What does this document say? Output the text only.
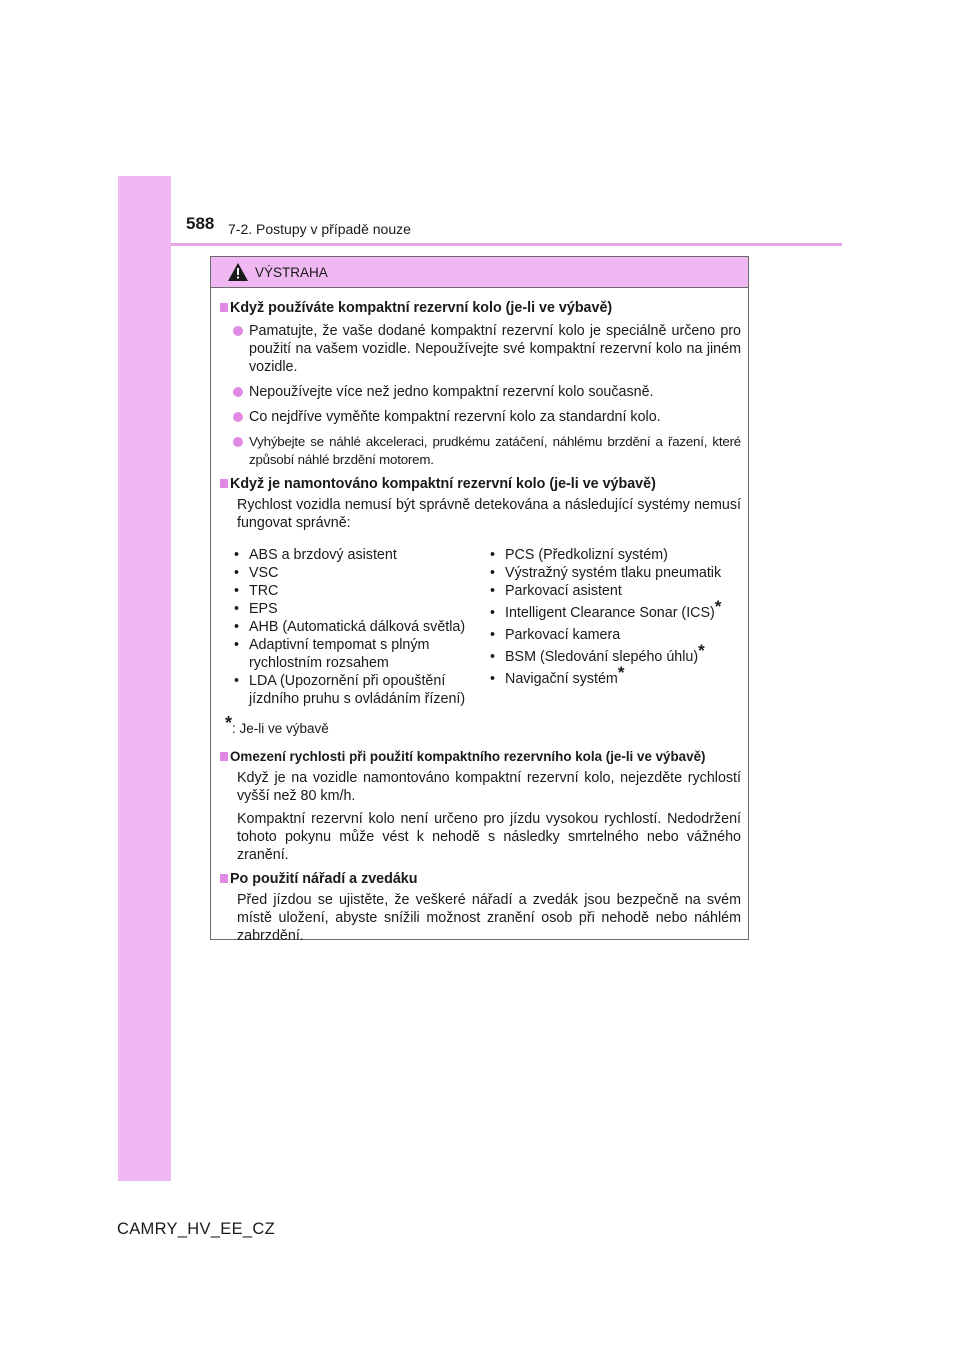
588 7-2. Postupy v případě nouze
VÝSTRAHA
Když používáte kompaktní rezervní kolo (je-li ve výbavě)
Pamatujte, že vaše dodané kompaktní rezervní kolo je speciálně určeno pro použití na vašem vozidle. Nepoužívejte své kompaktní rezervní kolo na jiném vozidle.
Nepoužívejte více než jedno kompaktní rezervní kolo současně.
Co nejdříve vyměňte kompaktní rezervní kolo za standardní kolo.
Vyhýbejte se náhlé akceleraci, prudkému zatáčení, náhlému brzdění a řazení, které způsobí náhlé brzdění motorem.
Když je namontováno kompaktní rezervní kolo (je-li ve výbavě)
Rychlost vozidla nemusí být správně detekována a následující systémy nemusí fungovat správně:
• ABS a brzdový asistent
• VSC
• TRC
• EPS
• AHB (Automatická dálková světla)
• Adaptivní tempomat s plným rychlostním rozsahem
• LDA (Upozornění při opouštění jízdního pruhu s ovládáním řízení)
• PCS (Předkolizní systém)
• Výstražný systém tlaku pneumatik
• Parkovací asistent
• Intelligent Clearance Sonar (ICS)*
• Parkovací kamera
• BSM (Sledování slepého úhlu)*
• Navigační systém*
*: Je-li ve výbavě
Omezení rychlosti při použití kompaktního rezervního kola (je-li ve výbavě)
Když je na vozidle namontováno kompaktní rezervní kolo, nejezděte rychlostí vyšší než 80 km/h.
Kompaktní rezervní kolo není určeno pro jízdu vysokou rychlostí. Nedodržení tohoto pokynu může vést k nehodě s následky smrtelného nebo vážného zranění.
Po použití nářadí a zvedáku
Před jízdou se ujistěte, že veškeré nářadí a zvedák jsou bezpečně na svém místě uložení, abyste snížili možnost zranění osob při nehodě nebo náhlém zabrzdění.
CAMRY_HV_EE_CZ
